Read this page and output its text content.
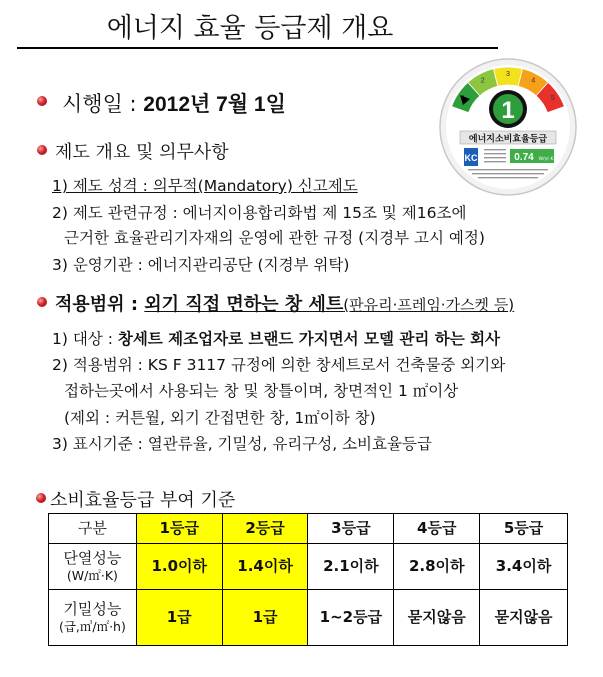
에너지 효율 등급제 개요
시행일 : 2012년 7월 1일
제도 개요 및 의무사항
1) 제도 성격 : 의무적(Mandatory) 신고제도
2) 제도 관련규정 : 에너지이용합리화법 제 15조 및 제16조에
근거한 효율관리기자재의 운영에 관한 규정 (지경부 고시 예정)
3) 운영기관 : 에너지관리공단 (지경부 위탁)
적용범위 : 외기 직접 면하는 창 세트(판유리·프레임·가스켓 등)
1) 대상 : 창세트 제조업자로 브랜드 가지면서 모델 관리 하는 회사
2) 적용범위 : KS F 3117 규정에 의한 창세트로서 건축물중 외기와
접하는곳에서 사용되는 창 및 창틀이며, 창면적인 1 ㎡이상
(제외 : 커튼월, 외기 간접면한 창, 1㎡이하 창)
3) 표시기준 : 열관류율, 기밀성, 유리구성, 소비효율등급
소비효율등급 부여 기준
구분	1등급	2등급	3등급	4등급	5등급

단열성능
(W/㎡·K)	1.0이하	1.4이하	2.1이하	2.8이하	3.4이하

기밀성능
(급,㎥/㎡·h)	1급	1급	1~2등급	묻지않음	묻지않음
2
3
4
5
1
에너지소비효율등급
KC	0.74 W/㎡·K
